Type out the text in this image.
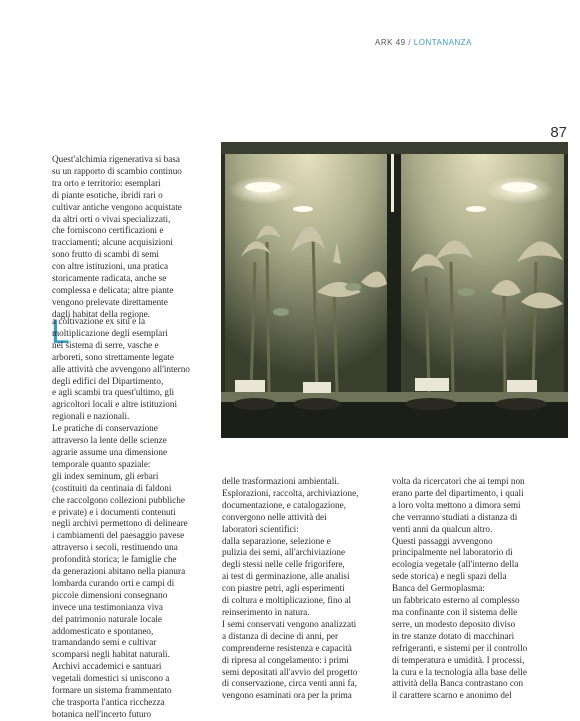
ARK 49 / LONTANANZA
87

Quest'alchimia rigenerativa si basa
su un rapporto di scambio continuo
tra orto e territorio: esemplari
di piante esotiche, ibridi rari o
cultivar antiche vengono acquistate
da altri orti o vivai specializzati,
che forniscono certificazioni e
tracciamenti; alcune acquisizioni
sono frutto di scambi di semi
con altre istituzioni, una pratica
storicamente radicata, anche se
complessa e delicata; altre piante
vengono prelevate direttamente
dagli habitat della regione.

L

a coltivazione ex situ e la
moltiplicazione degli esemplari
nel sistema di serre, vasche e
arboreti, sono strettamente legate
alle attività che avvengono all'interno
degli edifici del Dipartimento,
e agli scambi tra quest'ultimo, gli
agricoltori locali e altre istituzioni
regionali e nazionali.
Le pratiche di conservazione
attraverso la lente delle scienze
agrarie assume una dimensione
temporale quanto spaziale:
gli index seminum, gli erbari
(costituiti da centinaia di faldoni
che raccolgono collezioni pubbliche
e private) e i documenti contenuti
negli archivi permettono di delineare
i cambiamenti del paesaggio pavese
attraverso i secoli, restituendo una
profondità storica; le famiglie che
da generazioni abitano nella pianura
lombarda curando orti e campi di
piccole dimensioni consegnano
invece una testimonianza viva
del patrimonio naturale locale
addomesticato e spontaneo,
tramandando semi e cultivar
scomparsi negli habitat naturali.
Archivi accademici e santuari
vegetali domestici si uniscono a
formare un sistema frammentato
che trasporta l'antica ricchezza
botanica nell'incerto futuro

Giovanni Hänninen

delle trasformazioni ambientali.
Esplorazioni, raccolta, archiviazione,
documentazione, e catalogazione,
convergono nelle attività dei
laboratori scientifici:
dalla separazione, selezione e
pulizia dei semi, all'archiviazione
degli stessi nelle celle frigorifere,
ai test di germinazione, alle analisi
con piastre petri, agli esperimenti
di coltura e moltiplicazione, fino al
reinserimento in natura.
I semi conservati vengono analizzati
a distanza di decine di anni, per
comprenderne resistenza e capacità
di ripresa al congelamento: i primi
semi depositati all'avvio del progetto
di conservazione, circa venti anni fa,
vengono esaminati ora per la prima

volta da ricercatori che ai tempi non
erano parte del dipartimento, i quali
a loro volta mettono a dimora semi
che verranno studiati a distanza di
venti anni da qualcun altro.
Questi passaggi avvengono
principalmente nel laboratorio di
ecologia vegetale (all'interno della
sede storica) e negli spazi della
Banca del Germoplasma:
un fabbricato esterno al complesso
ma confinante con il sistema delle
serre, un modesto deposito diviso
in tre stanze dotato di macchinari
refrigeranti, e sistemi per il controllo
di temperatura e umidità. I processi,
la cura e la tecnologia alla base delle
attività della Banca contrastano con
il carattere scarno e anonimo del
